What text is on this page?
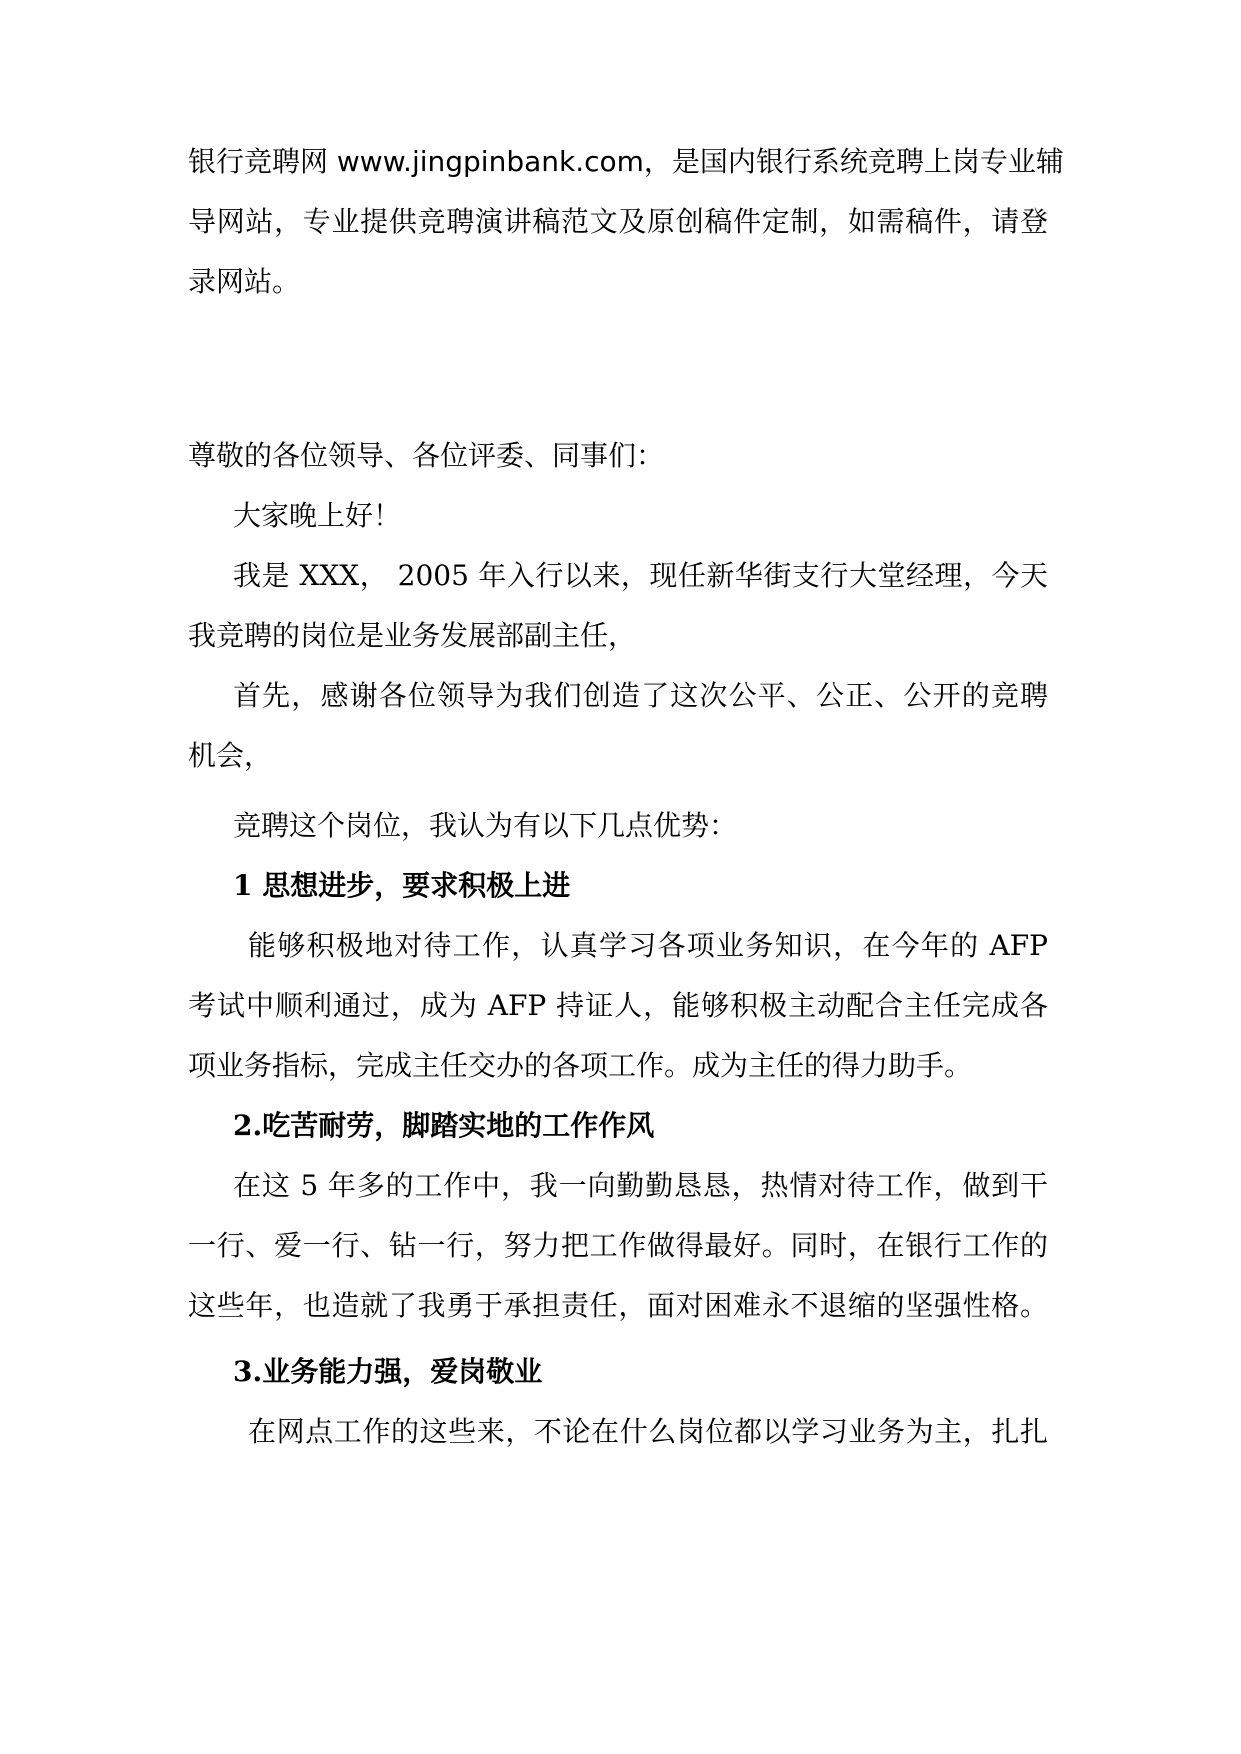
银行竞聘网 www.jingpinbank.com，是国内银行系统竞聘上岗专业辅

导网站，专业提供竞聘演讲稿范文及原创稿件定制，如需稿件，请登

录网站。

尊敬的各位领导、各位评委、同事们：

大家晚上好！

我是 XXX， 2005 年入行以来，现任新华街支行大堂经理，今天

我竞聘的岗位是业务发展部副主任，

首先，感谢各位领导为我们创造了这次公平、公正、公开的竞聘

机会，

竞聘这个岗位，我认为有以下几点优势：

1 思想进步，要求积极上进

能够积极地对待工作，认真学习各项业务知识，在今年的 AFP

考试中顺利通过，成为 AFP 持证人，能够积极主动配合主任完成各

项业务指标，完成主任交办的各项工作。成为主任的得力助手。

2.吃苦耐劳，脚踏实地的工作作风

在这 5 年多的工作中，我一向勤勤恳恳，热情对待工作，做到干

一行、爱一行、钻一行，努力把工作做得最好。同时，在银行工作的

这些年，也造就了我勇于承担责任，面对困难永不退缩的坚强性格。

3.业务能力强，爱岗敬业

在网点工作的这些来，不论在什么岗位都以学习业务为主，扎扎
